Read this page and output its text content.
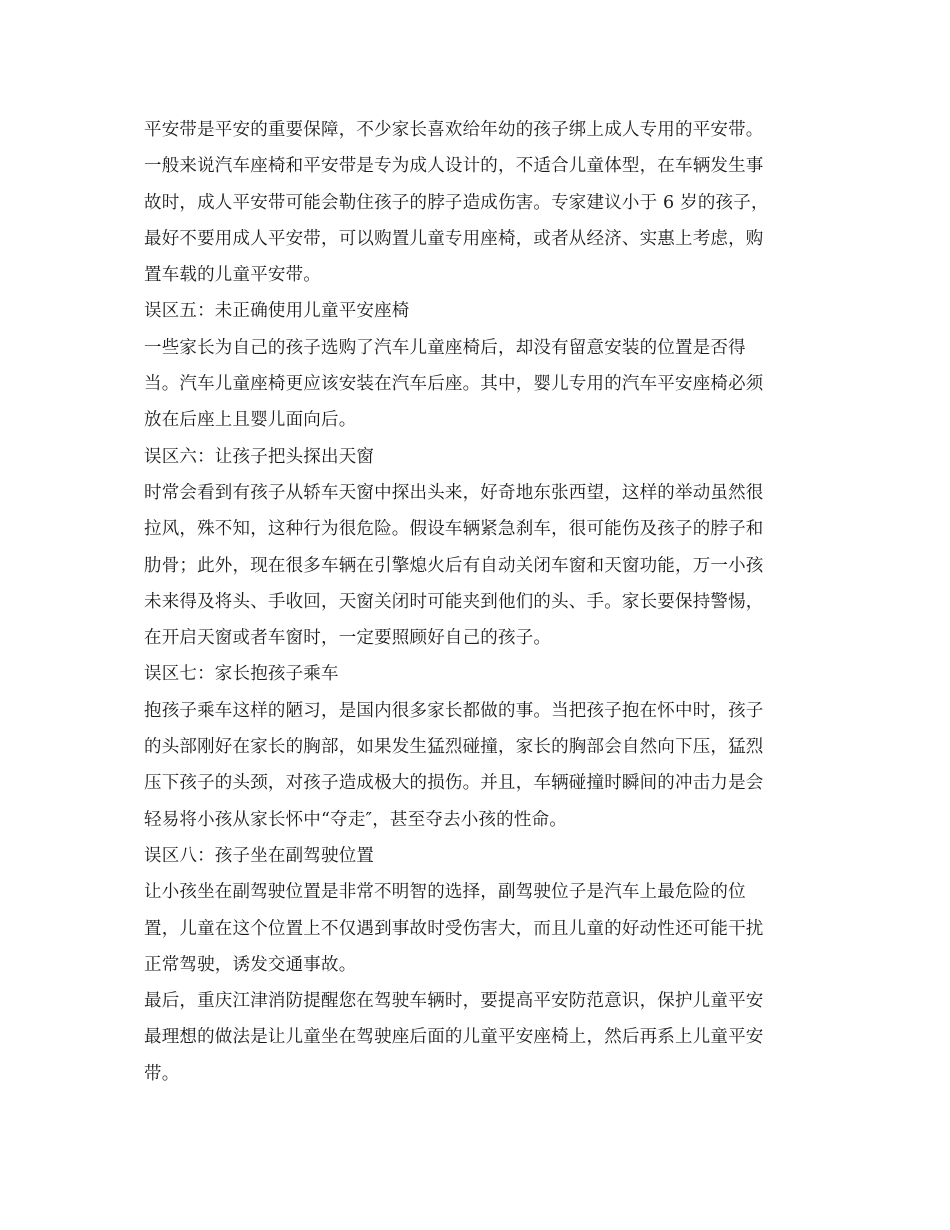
平安带是平安的重要保障，不少家长喜欢给年幼的孩子绑上成人专用的平安带。
一般来说汽车座椅和平安带是专为成人设计的，不适合儿童体型，在车辆发生事
故时，成人平安带可能会勒住孩子的脖子造成伤害。专家建议小于 6 岁的孩子，
最好不要用成人平安带，可以购置儿童专用座椅，或者从经济、实惠上考虑，购
置车载的儿童平安带。
误区五：未正确使用儿童平安座椅
一些家长为自己的孩子选购了汽车儿童座椅后，却没有留意安装的位置是否得
当。汽车儿童座椅更应该安装在汽车后座。其中，婴儿专用的汽车平安座椅必须
放在后座上且婴儿面向后。
误区六：让孩子把头探出天窗
时常会看到有孩子从轿车天窗中探出头来，好奇地东张西望，这样的举动虽然很
拉风，殊不知，这种行为很危险。假设车辆紧急刹车，很可能伤及孩子的脖子和
肋骨；此外，现在很多车辆在引擎熄火后有自动关闭车窗和天窗功能，万一小孩
未来得及将头、手收回，天窗关闭时可能夹到他们的头、手。家长要保持警惕，
在开启天窗或者车窗时，一定要照顾好自己的孩子。
误区七：家长抱孩子乘车
抱孩子乘车这样的陋习，是国内很多家长都做的事。当把孩子抱在怀中时，孩子
的头部刚好在家长的胸部，如果发生猛烈碰撞，家长的胸部会自然向下压，猛烈
压下孩子的头颈，对孩子造成极大的损伤。并且，车辆碰撞时瞬间的冲击力是会
轻易将小孩从家长怀中“夺走″，甚至夺去小孩的性命。
误区八：孩子坐在副驾驶位置
让小孩坐在副驾驶位置是非常不明智的选择，副驾驶位子是汽车上最危险的位
置，儿童在这个位置上不仅遇到事故时受伤害大，而且儿童的好动性还可能干扰
正常驾驶，诱发交通事故。
最后，重庆江津消防提醒您在驾驶车辆时，要提高平安防范意识，保护儿童平安
最理想的做法是让儿童坐在驾驶座后面的儿童平安座椅上，然后再系上儿童平安
带。
